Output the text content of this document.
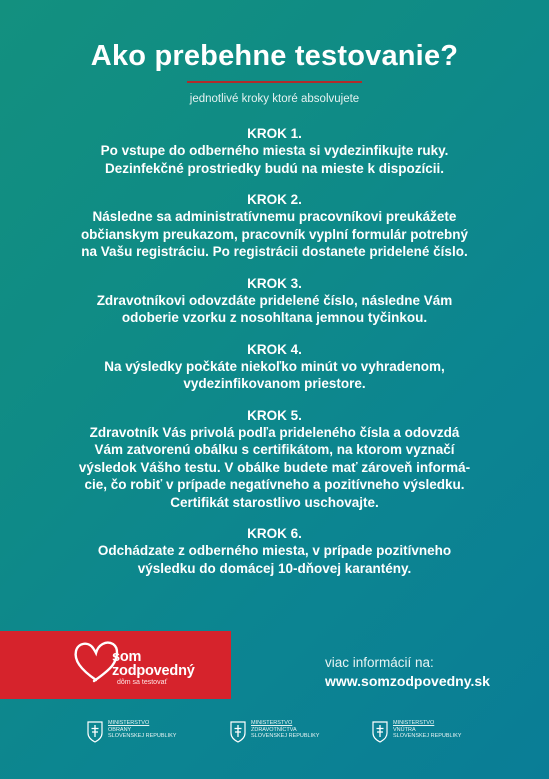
Ako prebehne testovanie?
jednotlivé kroky ktoré absolvujete
KROK 1.
Po vstupe do odberného miesta si vydezinfikujte ruky.
Dezinfekčné prostriedky budú na mieste k dispozícii.
KROK 2.
Následne sa administratívnemu pracovníkovi preukážete
občianskym preukazom, pracovník vyplní formulár potrebný
na Vašu registráciu. Po registrácii dostanete pridelené číslo.
KROK 3.
Zdravotníkovi odovzdáte pridelené číslo, následne Vám
odoberie vzorku z nosohltana jemnou tyčinkou.
KROK 4.
Na výsledky počkáte niekoľko minút vo vyhradenom,
vydezinfikovanom priestore.
KROK 5.
Zdravotník Vás privolá podľa prideleného čísla a odovzdá
Vám zatvorenú obálku s certifikátom, na ktorom vyznačí
výsledok Vášho testu. V obálke budete mať zároveň informá-
cie, čo robiť v prípade negatívneho a pozitívneho výsledku.
Certifikát starostlivo uschovajte.
KROK 6.
Odchádzate z odberného miesta, v prípade pozitívneho
výsledku do domácej 10-dňovej karantény.
som
zodpovedný
dôm sa testovať
viac informácií na:
www.somzodpovedny.sk
MINISTERSTVO
OBRANY
SLOVENSKEJ REPUBLIKY
MINISTERSTVO
ZDRAVOTNÍCTVA
SLOVENSKEJ REPUBLIKY
MINISTERSTVO
VNÚTRA
SLOVENSKEJ REPUBLIKY
